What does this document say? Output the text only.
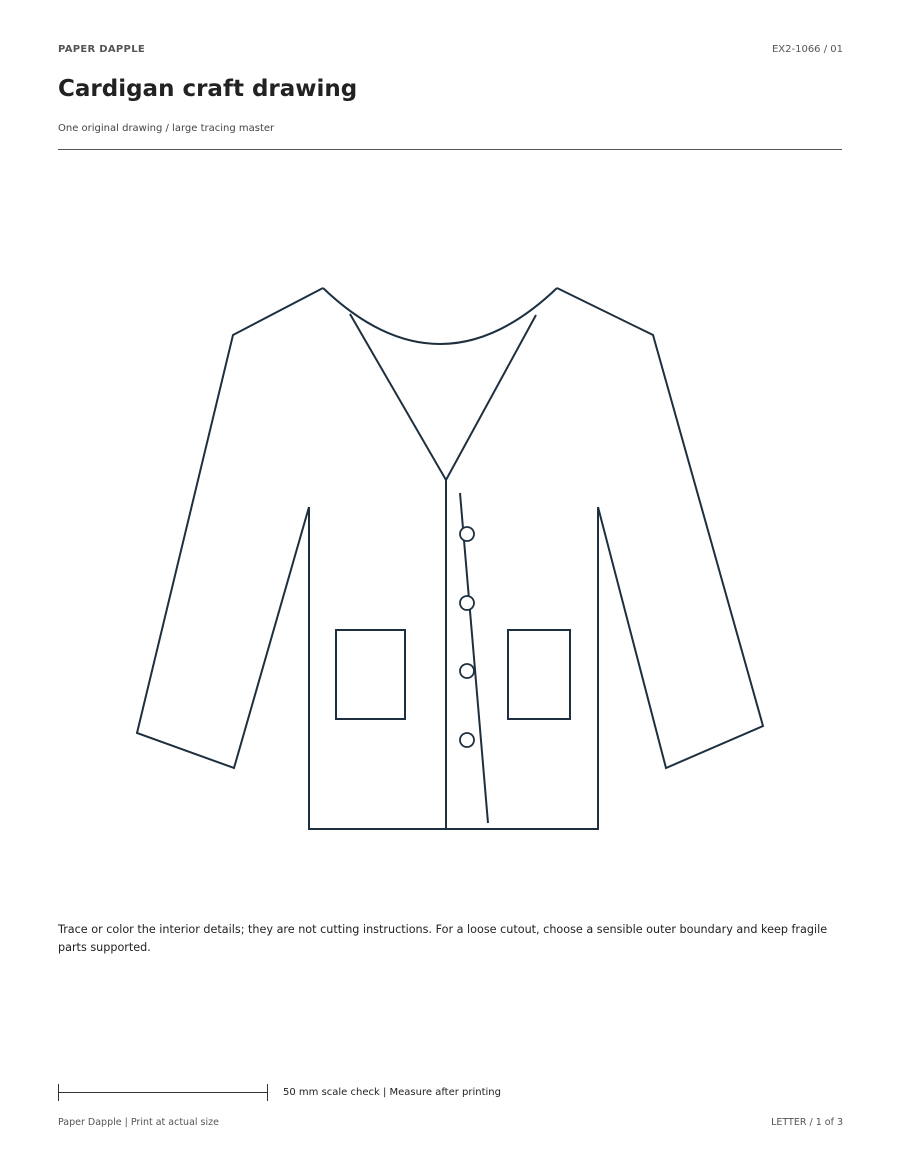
PAPER DAPPLE	EX2-1066 / 01
Cardigan craft drawing
One original drawing / large tracing master
Trace or color the interior details; they are not cutting instructions. For a loose cutout, choose a sensible outer boundary and keep fragile parts supported.
50 mm scale check | Measure after printing
Paper Dapple | Print at actual size	LETTER / 1 of 3
